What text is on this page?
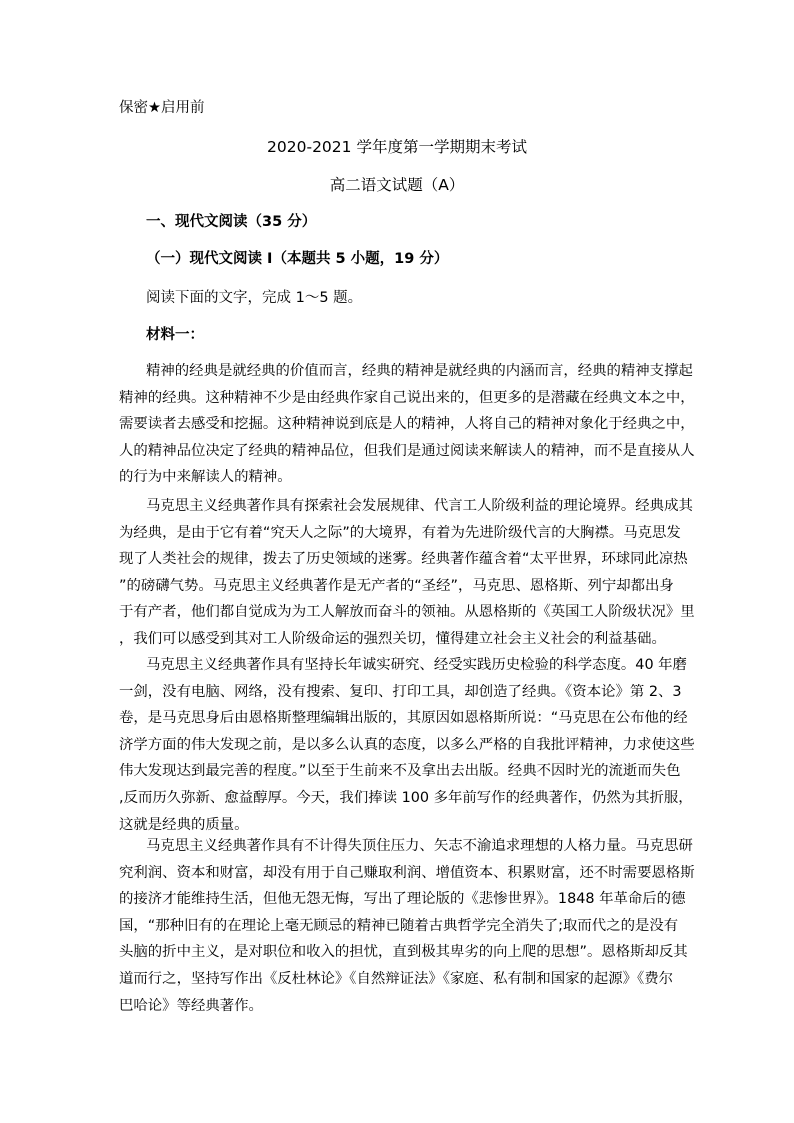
保密★启用前
2020-2021 学年度第一学期期末考试
高二语文试题（A）
一、现代文阅读（35 分）
（一）现代文阅读 I（本题共 5 小题，19 分）
阅读下面的文字，完成 1～5 题。
材料一：
精神的经典是就经典的价值而言，经典的精神是就经典的内涵而言，经典的精神支撑起
精神的经典。这种精神不少是由经典作家自己说出来的，但更多的是潜藏在经典文本之中，
需要读者去感受和挖掘。这种精神说到底是人的精神，人将自己的精神对象化于经典之中，
人的精神品位决定了经典的精神品位，但我们是通过阅读来解读人的精神，而不是直接从人
的行为中来解读人的精神。
马克思主义经典著作具有探索社会发展规律、代言工人阶级利益的理论境界。经典成其
为经典，是由于它有着“究天人之际”的大境界，有着为先进阶级代言的大胸襟。马克思发
现了人类社会的规律，拨去了历史领域的迷雾。经典著作蕴含着“太平世界，环球同此凉热
”的磅礴气势。马克思主义经典著作是无产者的“圣经”，马克思、恩格斯、列宁却都出身
于有产者，他们都自觉成为为工人解放而奋斗的领袖。从恩格斯的《英国工人阶级状况》里
，我们可以感受到其对工人阶级命运的强烈关切，懂得建立社会主义社会的利益基础。
马克思主义经典著作具有坚持长年诚实研究、经受实践历史检验的科学态度。40 年磨
一剑，没有电脑、网络，没有搜索、复印、打印工具，却创造了经典。《资本论》第 2、3
卷，是马克思身后由恩格斯整理编辑出版的，其原因如恩格斯所说：“马克思在公布他的经
济学方面的伟大发现之前，是以多么认真的态度，以多么严格的自我批评精神，力求使这些
伟大发现达到最完善的程度。”以至于生前来不及拿出去出版。经典不因时光的流逝而失色
,反而历久弥新、愈益醇厚。今天，我们捧读 100 多年前写作的经典著作，仍然为其折服，
这就是经典的质量。
马克思主义经典著作具有不计得失顶住压力、矢志不渝追求理想的人格力量。马克思研
究利润、资本和财富，却没有用于自己赚取利润、增值资本、积累财富，还不时需要恩格斯
的接济才能维持生活，但他无怨无悔，写出了理论版的《悲惨世界》。1848 年革命后的德
国，“那种旧有的在理论上毫无顾忌的精神已随着古典哲学完全消失了;取而代之的是没有
头脑的折中主义，是对职位和收入的担忧，直到极其卑劣的向上爬的思想”。恩格斯却反其
道而行之，坚持写作出《反杜林论》《自然辩证法》《家庭、私有制和国家的起源》《费尔
巴哈论》等经典著作。
